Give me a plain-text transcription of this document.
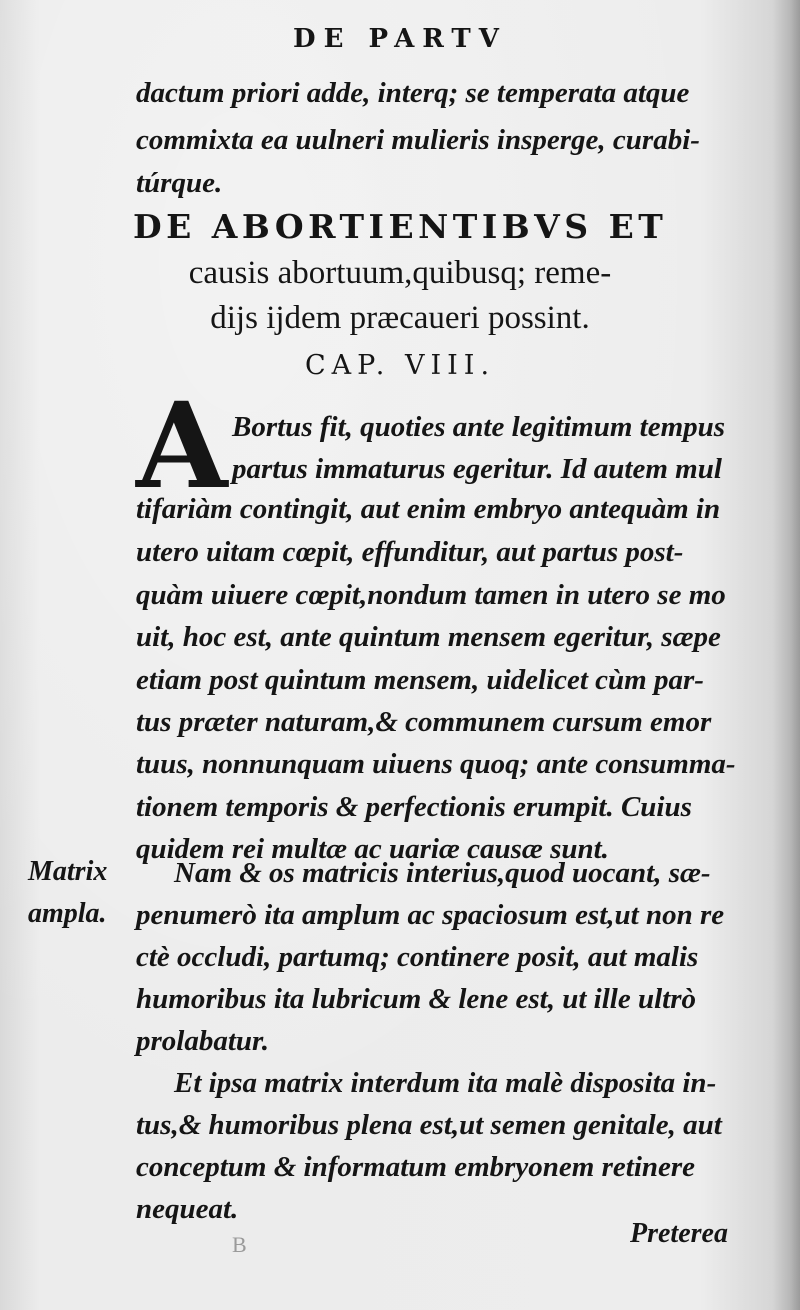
DE PARTV
dactum priori adde, interq; se temperata atque
commixta ea uulneri mulieris insperge, curabi-
túrque.
DE ABORTIENTIBVS ET
causis abortuum,quibusq; reme-
dijs ijdem præcaueri possint.
CAP. VIII.
A Bortus fit, quoties ante legitimum tempus
partus immaturus egeritur. Id autem mul
tifariàm contingit, aut enim embryo antequàm in
utero uitam cœpit, effunditur, aut partus post-
quàm uiuere cœpit,nondum tamen in utero se mo
uit, hoc est, ante quintum mensem egeritur, sæpe
etiam post quintum mensem, uidelicet cùm par-
tus præter naturam,& communem cursum emor
tuus, nonnunquam uiuens quoq; ante consumma-
tionem temporis & perfectionis erumpit. Cuius
quidem rei multæ ac uariæ causæ sunt.
Matrix
ampla.
Nam & os matricis interius,quod uocant, sæ-
penumerò ita amplum ac spaciosum est,ut non re
ctè occludi, partumq; continere posit, aut malis
humoribus ita lubricum & lene est, ut ille ultrò
prolabatur.
Et ipsa matrix interdum ita malè disposita in-
tus,& humoribus plena est,ut semen genitale, aut
conceptum & informatum embryonem retinere
nequeat.
Preterea
B
